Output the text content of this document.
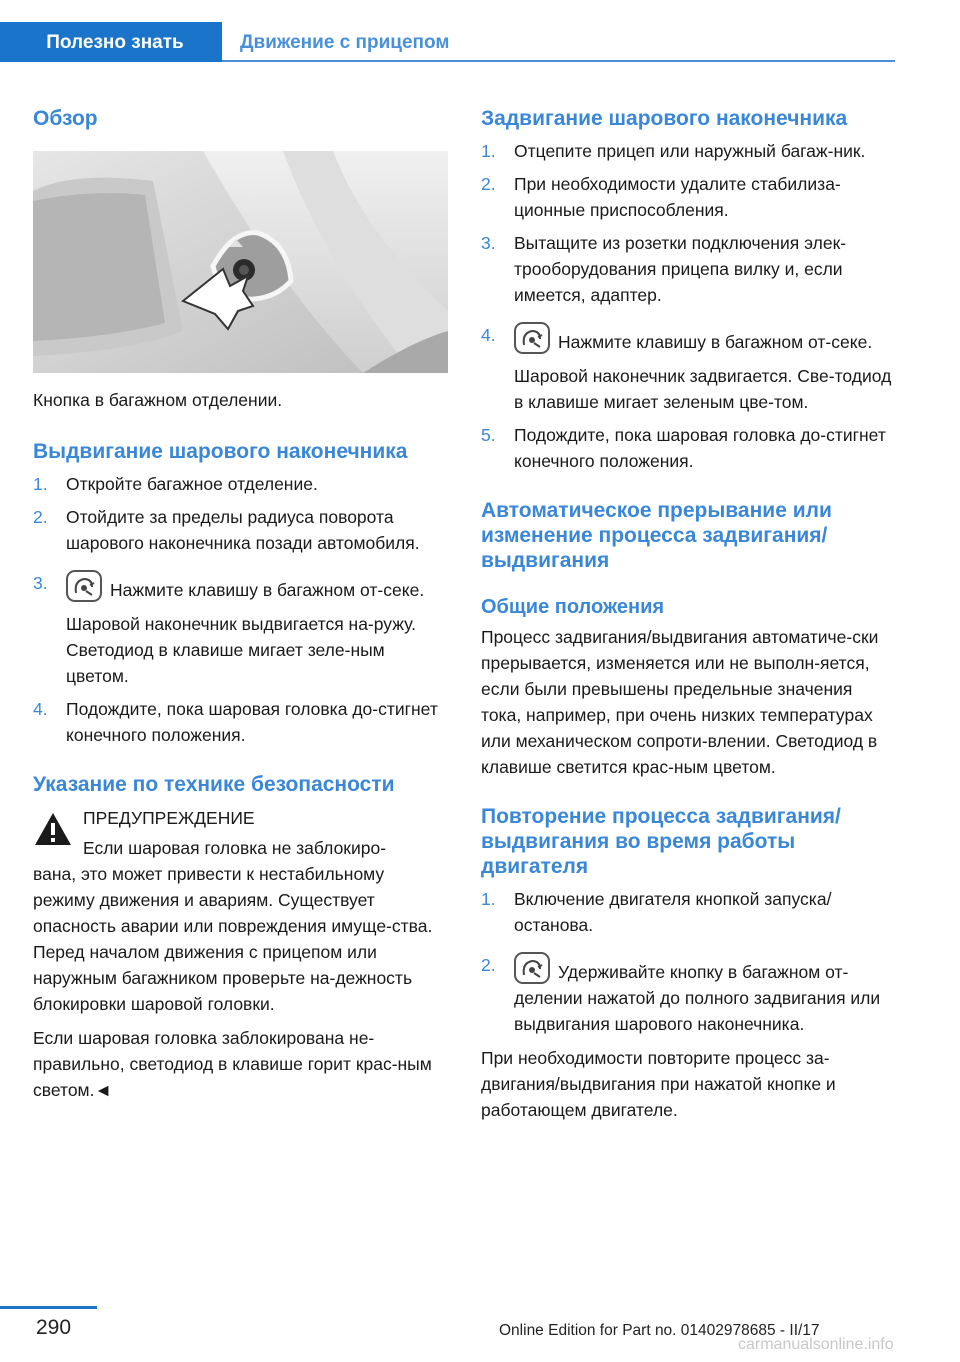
Полезно знать	Движение с прицепом
Обзор

Кнопка в багажном отделении.

Выдвигание шарового наконечника
1. Откройте багажное отделение.
2. Отойдите за пределы радиуса поворота шарового наконечника позади автомобиля.
3.	Нажмите клавишу в багажном от-секе.
Шаровой наконечник выдвигается на-ружу. Светодиод в клавише мигает зеле-ным цветом.
4. Подождите, пока шаровая головка до-стигнет конечного положения.
Указание по технике безопасности
ПРЕДУПРЕЖДЕНИЕ
Если шаровая головка не заблокиро-
вана, это может привести к нестабильному режиму движения и авариям. Существует опасность аварии или повреждения имуще-ства. Перед началом движения с прицепом или наружным багажником проверьте на-дежность блокировки шаровой головки.
Если шаровая головка заблокирована не-правильно, светодиод в клавише горит крас-ным светом.◄
Задвигание шарового наконечника
1. Отцепите прицеп или наружный багаж-ник.
2. При необходимости удалите стабилиза-ционные приспособления.
3. Вытащите из розетки подключения элек-трооборудования прицепа вилку и, если имеется, адаптер.
4.	Нажмите клавишу в багажном от-секе.
Шаровой наконечник задвигается. Све-тодиод в клавише мигает зеленым цве-том.
5. Подождите, пока шаровая головка до-стигнет конечного положения.
Автоматическое прерывание или изменение процесса задвигания/ выдвигания
Общие положения

Процесс задвигания/выдвигания автоматиче-ски прерывается, изменяется или не выполн-яется, если были превышены предельные значения тока, например, при очень низких температурах или механическом сопроти-влении. Светодиод в клавише светится крас-ным цветом.

Повторение процесса задвигания/ выдвигания во время работы двигателя
1. Включение двигателя кнопкой запуска/ останова.
2.	Удерживайте кнопку в багажном от-делении нажатой до полного задвигания или выдвигания шарового наконечника.

При необходимости повторите процесс за-двигания/выдвигания при нажатой кнопке и работающем двигателе.

290	Online Edition for Part no. 01402978685 - II/17
carmanualsonline.info
